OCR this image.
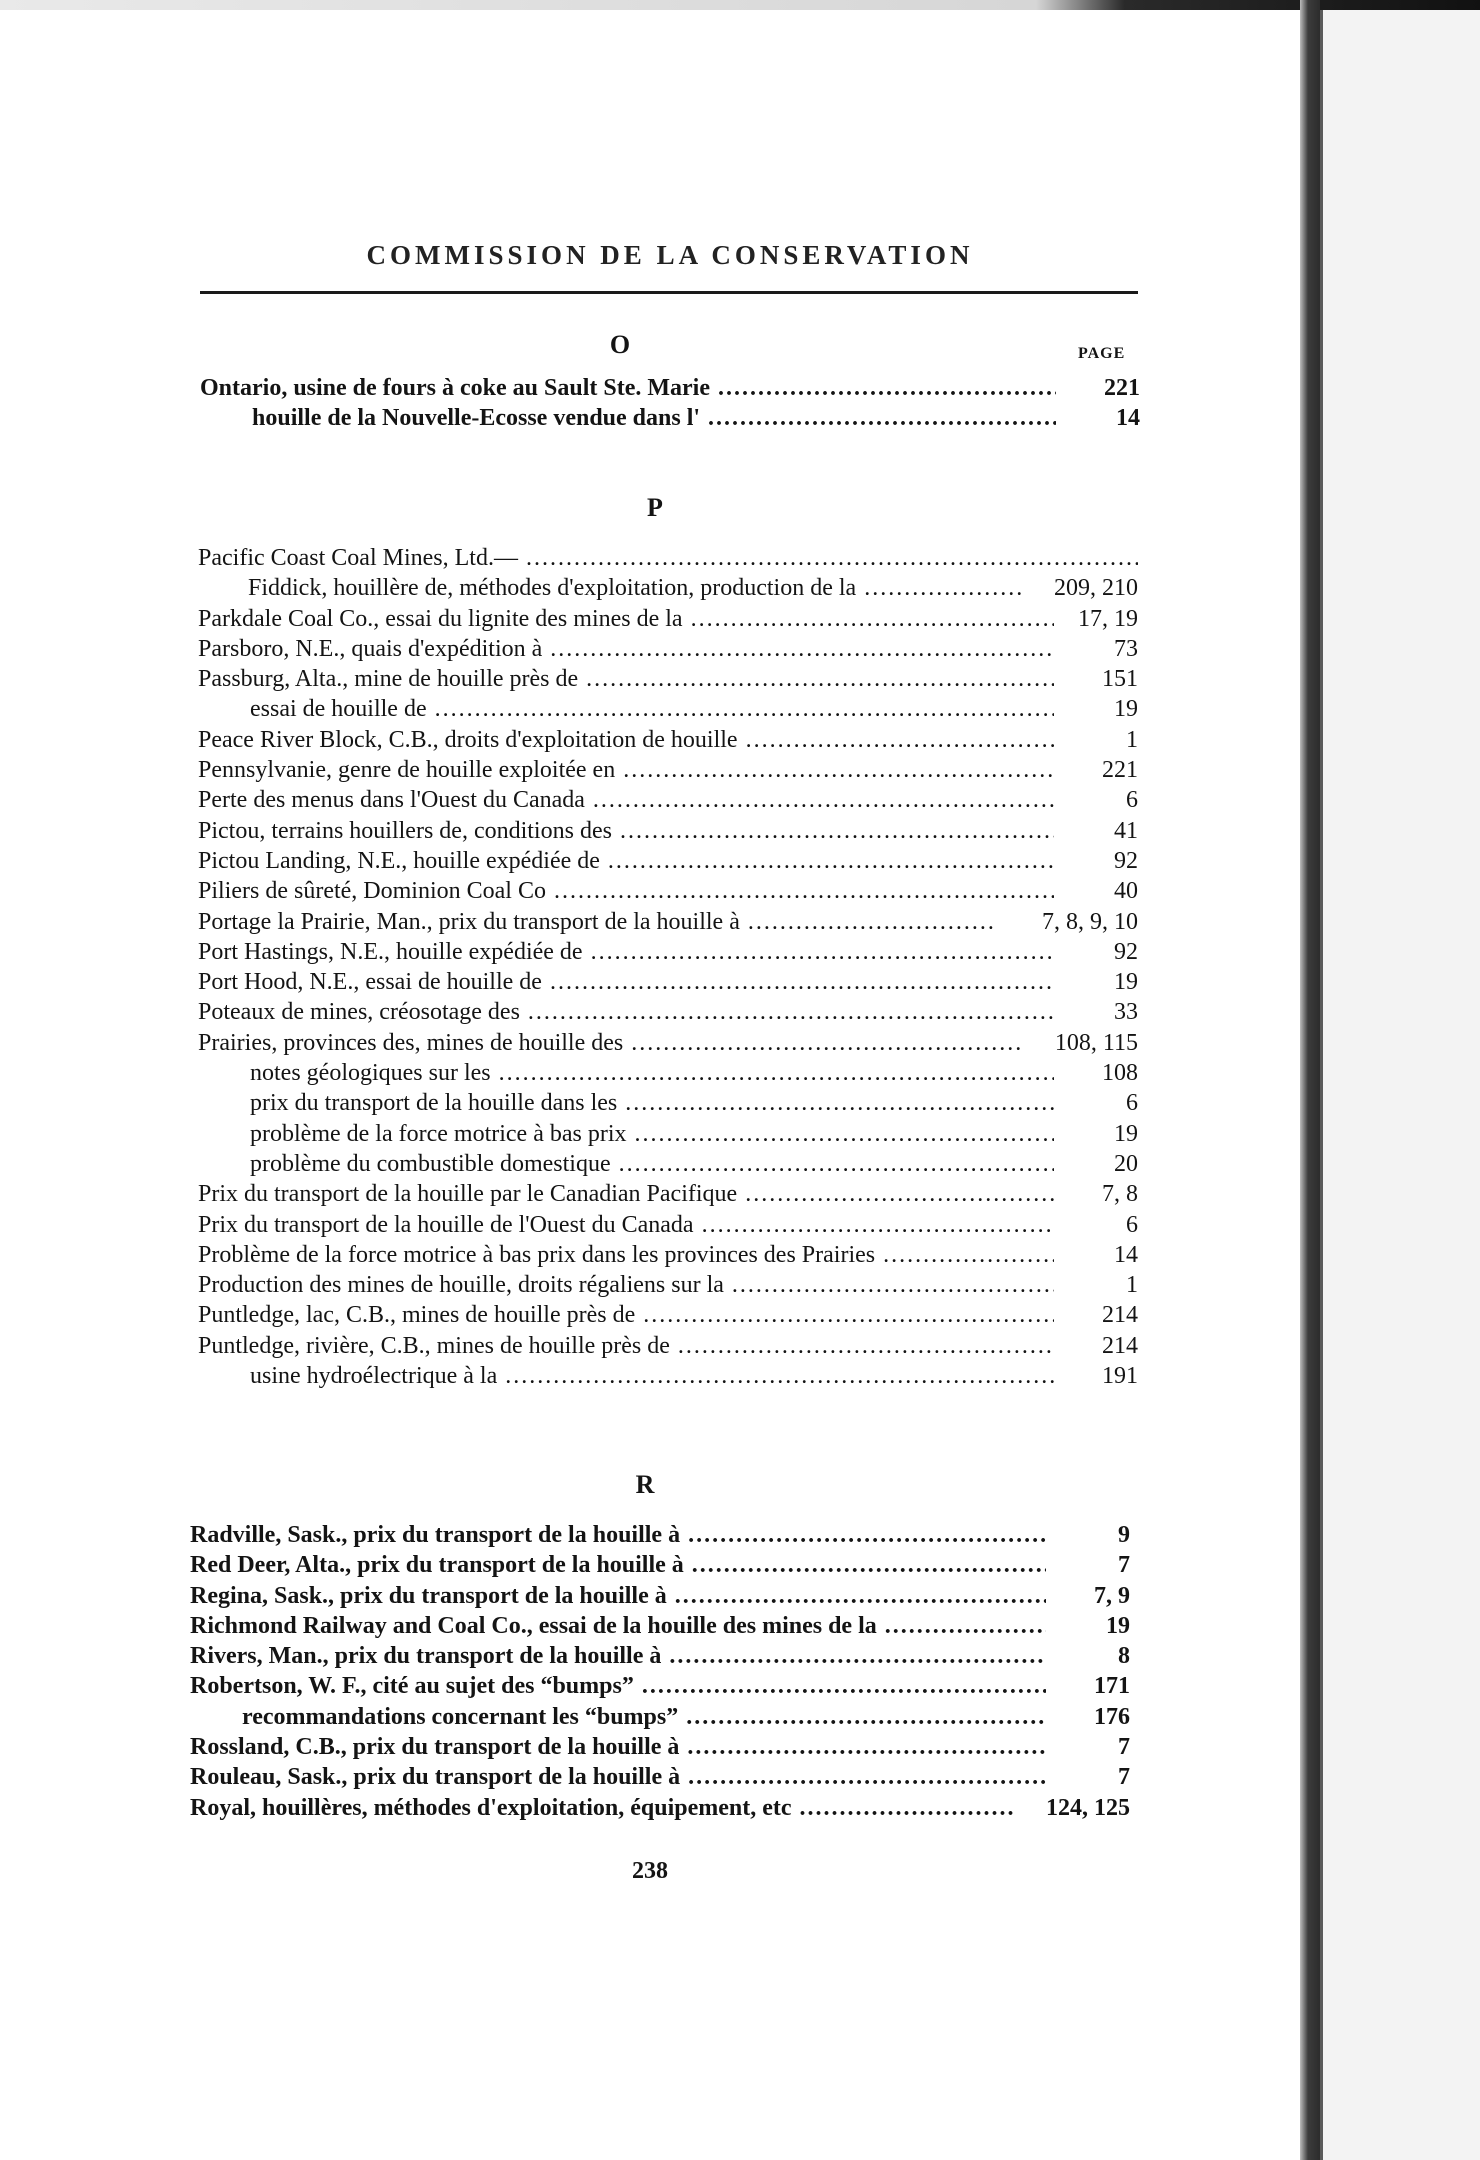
COMMISSION DE LA CONSERVATION
O	PAGE
Ontario, usine de fours à coke au Sault Ste. Marie .....	221
houille de la Nouvelle-Ecosse vendue dans l' .....	14
P
Pacific Coast Coal Mines, Ltd.— .....
Fiddick, houillère de, méthodes d'exploitation, production de la .....	209, 210
Parkdale Coal Co., essai du lignite des mines de la .....	17, 19
Parsboro, N.E., quais d'expédition à .....	73
Passburg, Alta., mine de houille près de .....	151
essai de houille de .....	19
Peace River Block, C.B., droits d'exploitation de houille .....	1
Pennsylvanie, genre de houille exploitée en .....	221
Perte des menus dans l'Ouest du Canada .....	6
Pictou, terrains houillers de, conditions des .....	41
Pictou Landing, N.E., houille expédiée de .....	92
Piliers de sûreté, Dominion Coal Co .....	40
Portage la Prairie, Man., prix du transport de la houille à .....	7, 8, 9, 10
Port Hastings, N.E., houille expédiée de .....	92
Port Hood, N.E., essai de houille de .....	19
Poteaux de mines, créosotage des .....	33
Prairies, provinces des, mines de houille des .....	108, 115
notes géologiques sur les .....	108
prix du transport de la houille dans les .....	6
problème de la force motrice à bas prix .....	19
problème du combustible domestique .....	20
Prix du transport de la houille par le Canadian Pacifique .....	7, 8
Prix du transport de la houille de l'Ouest du Canada .....	6
Problème de la force motrice à bas prix dans les provinces des Prairies .....	14
Production des mines de houille, droits régaliens sur la .....	1
Puntledge, lac, C.B., mines de houille près de .....	214
Puntledge, rivière, C.B., mines de houille près de .....	214
usine hydroélectrique à la .....	191
R
Radville, Sask., prix du transport de la houille à .....	9
Red Deer, Alta., prix du transport de la houille à .....	7
Regina, Sask., prix du transport de la houille à .....	7, 9
Richmond Railway and Coal Co., essai de la houille des mines de la .....	19
Rivers, Man., prix du transport de la houille à .....	8
Robertson, W. F., cité au sujet des “bumps” .....	171
recommandations concernant les “bumps” .....	176
Rossland, C.B., prix du transport de la houille à .....	7
Rouleau, Sask., prix du transport de la houille à .....	7
Royal, houillères, méthodes d'exploitation, équipement, etc .....	124, 125
238
